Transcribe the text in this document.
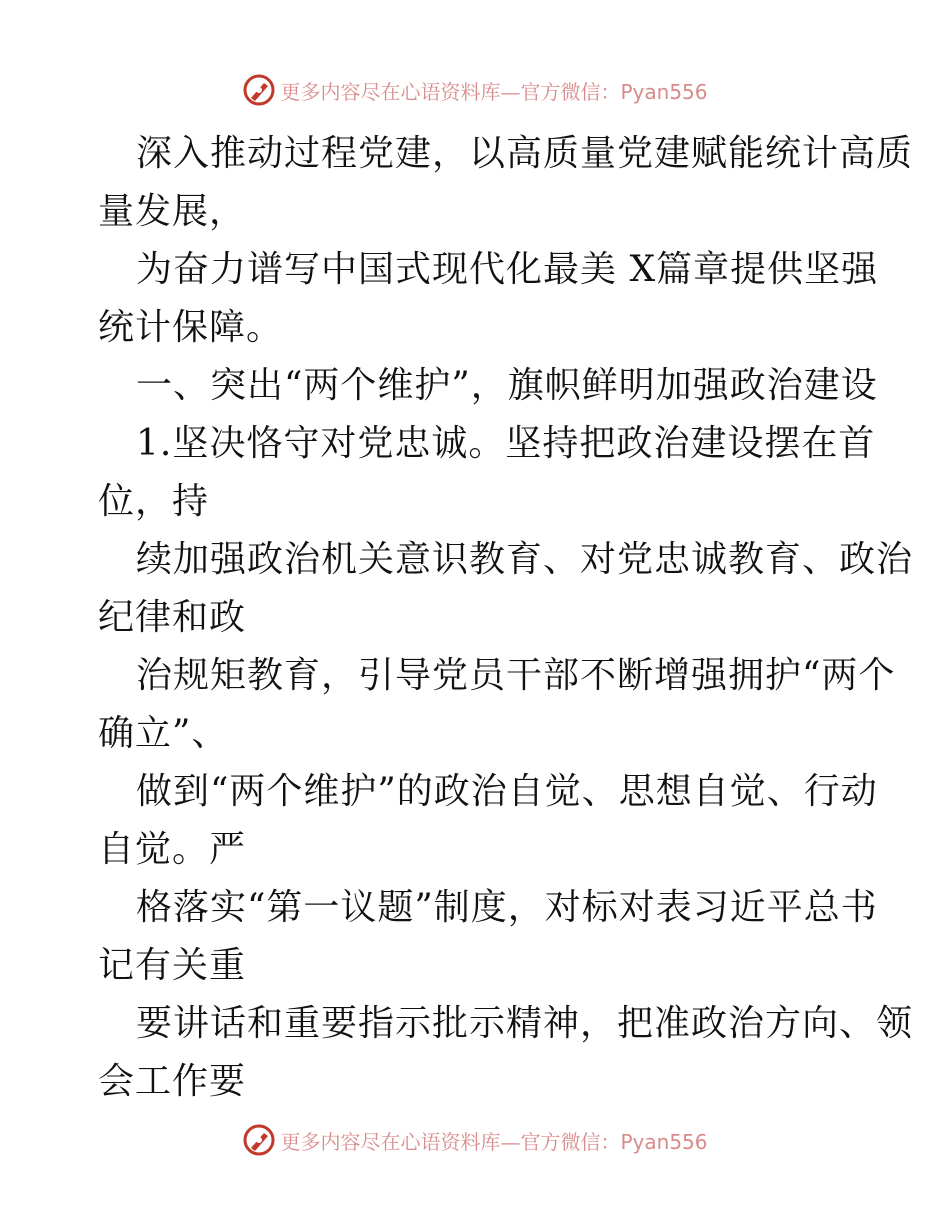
更多内容尽在心语资料库—官方微信：Pyan556
深入推动过程党建，以高质量党建赋能统计高质
量发展，
为奋力谱写中国式现代化最美 X篇章提供坚强
统计保障。
一、突出“两个维护”，旗帜鲜明加强政治建设
1.坚决恪守对党忠诚。坚持把政治建设摆在首
位，持
续加强政治机关意识教育、对党忠诚教育、政治
纪律和政
治规矩教育，引导党员干部不断增强拥护“两个
确立”、
做到“两个维护”的政治自觉、思想自觉、行动
自觉。严
格落实“第一议题”制度，对标对表习近平总书
记有关重
要讲话和重要指示批示精神，把准政治方向、领
会工作要
更多内容尽在心语资料库—官方微信：Pyan556
